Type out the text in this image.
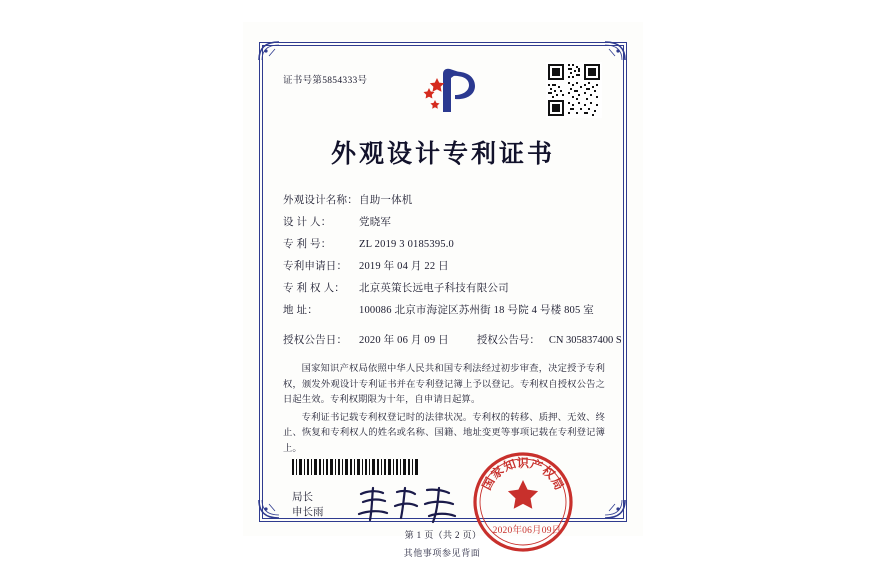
证书号第5854333号
外观设计专利证书
外观设计名称：自助一体机
设 计 人：	党晓军
专 利 号：	ZL 2019 3 0185395.0
专利申请日： 2019 年 04 月 22 日
专 利 权 人： 北京英策长远电子科技有限公司
地 址：	100086 北京市海淀区苏州街 18 号院 4 号楼 805 室
授权公告日： 2020 年 06 月 09 日	授权公告号： CN 305837400 S

国家知识产权局依照中华人民共和国专利法经过初步审查，决定授予专利权，颁发外观设计专利证书并在专利登记簿上予以登记。专利权自授权公告之日起生效。专利权期限为十年，自申请日起算。

专利证书记载专利权登记时的法律状况。专利权的转移、质押、无效、终止、恢复和专利权人的姓名或名称、国籍、地址变更等事项记载在专利登记簿上。

局长
申长雨
国
家
知 识 产
权
局
2020年06月09日
第 1 页（共 2 页）
其他事项参见背面
